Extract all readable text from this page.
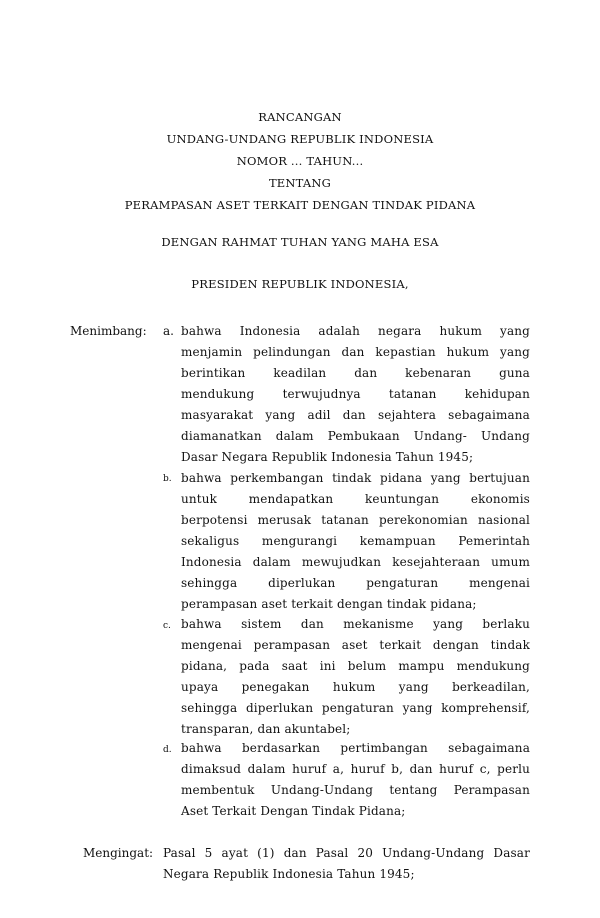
RANCANGAN
UNDANG-UNDANG REPUBLIK INDONESIA
NOMOR ... TAHUN...
TENTANG
PERAMPASAN ASET TERKAIT DENGAN TINDAK PIDANA
DENGAN RAHMAT TUHAN YANG MAHA ESA
PRESIDEN REPUBLIK INDONESIA,
Menimbang: a. bahwa Indonesia adalah negara hukum yang
menjamin pelindungan dan kepastian hukum yang
berintikan keadilan dan kebenaran guna
mendukung terwujudnya tatanan kehidupan
masyarakat yang adil dan sejahtera sebagaimana
diamanatkan dalam Pembukaan Undang- Undang
Dasar Negara Republik Indonesia Tahun 1945;
b. bahwa perkembangan tindak pidana yang bertujuan
untuk mendapatkan keuntungan ekonomis
berpotensi merusak tatanan perekonomian nasional
sekaligus mengurangi kemampuan Pemerintah
Indonesia dalam mewujudkan kesejahteraan umum
sehingga diperlukan pengaturan mengenai
perampasan aset terkait dengan tindak pidana;
c. bahwa sistem dan mekanisme yang berlaku
mengenai perampasan aset terkait dengan tindak
pidana, pada saat ini belum mampu mendukung
upaya penegakan hukum yang berkeadilan,
sehingga diperlukan pengaturan yang komprehensif,
transparan, dan akuntabel;
d. bahwa berdasarkan pertimbangan sebagaimana
dimaksud dalam huruf a, huruf b, dan huruf c, perlu
membentuk Undang-Undang tentang Perampasan
Aset Terkait Dengan Tindak Pidana;
Mengingat: Pasal 5 ayat (1) dan Pasal 20 Undang-Undang Dasar
Negara Republik Indonesia Tahun 1945;
